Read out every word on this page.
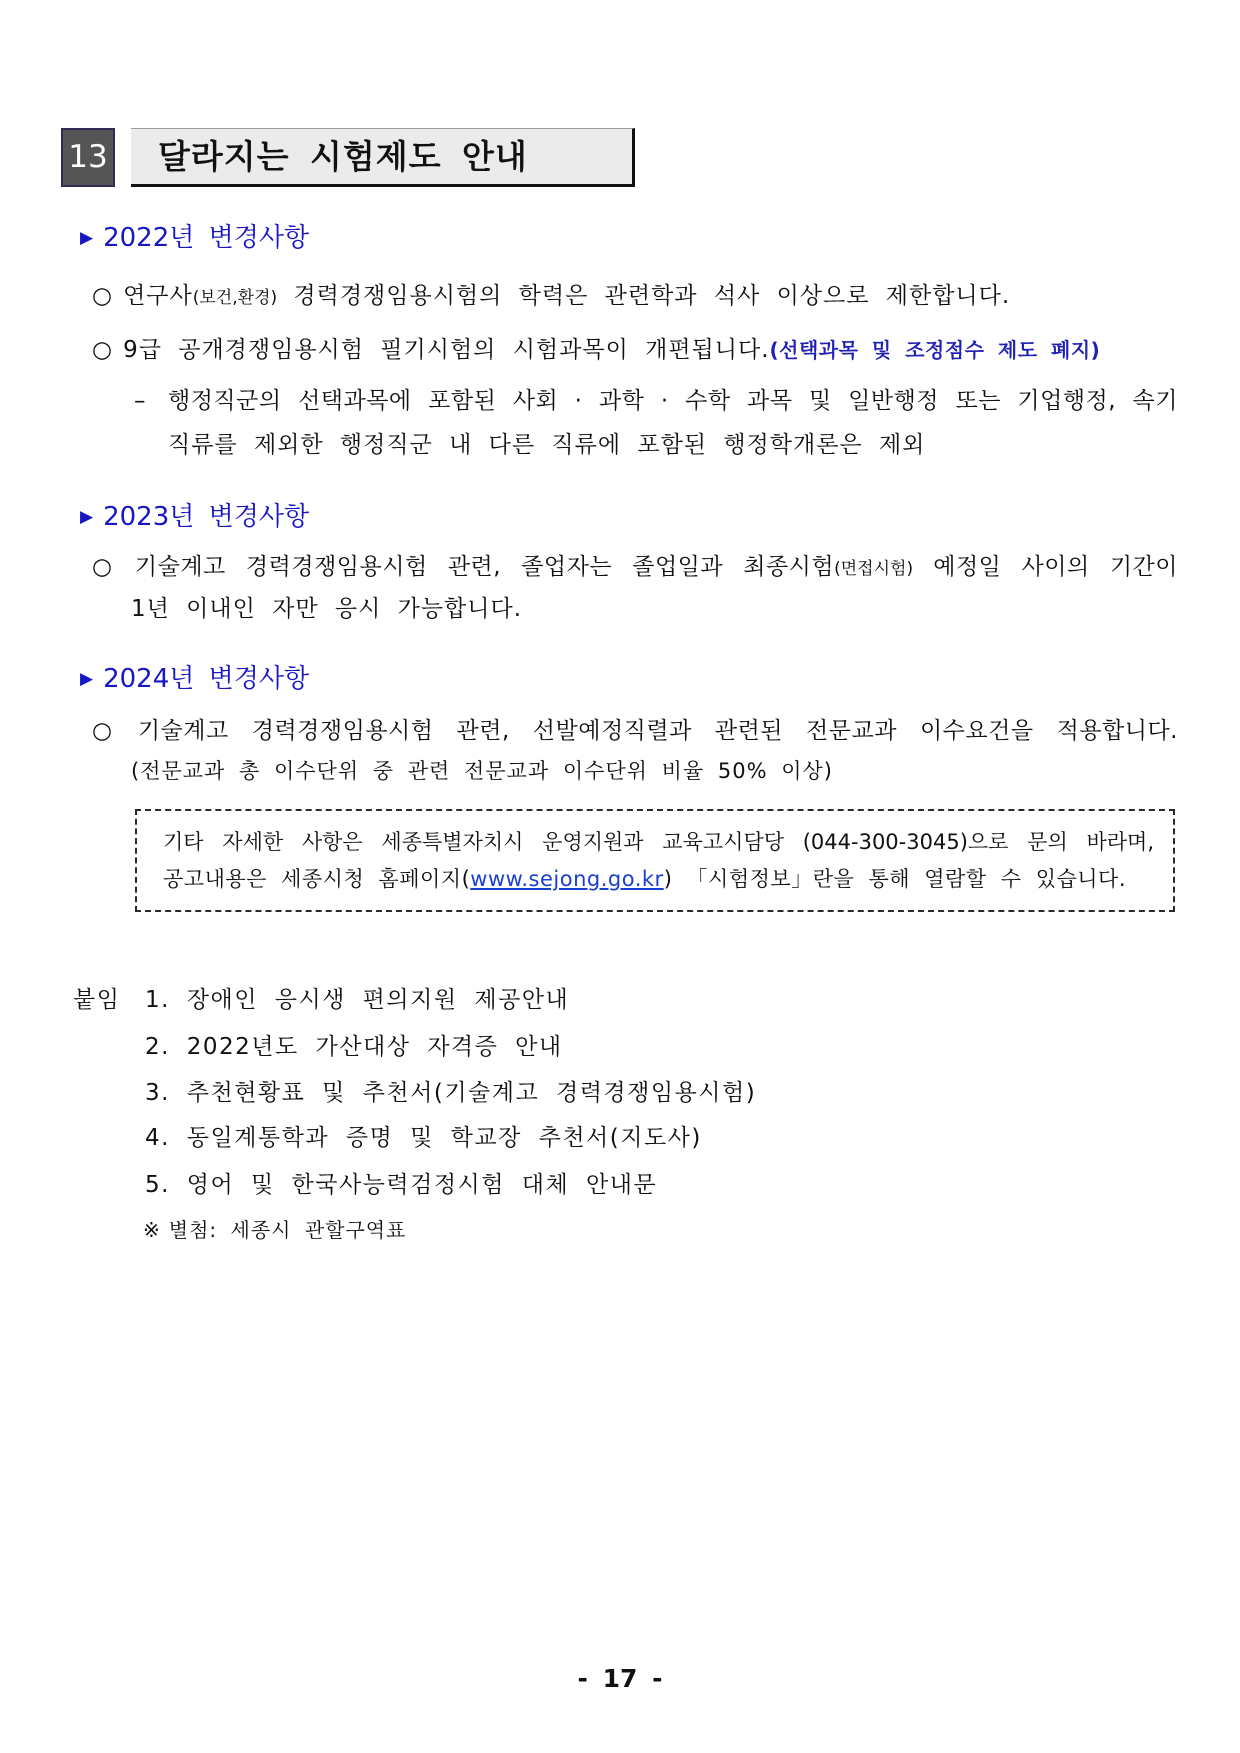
13	달라지는 시험제도 안내
▶ 2022년 변경사항
○ 연구사(보건,환경) 경력경쟁임용시험의 학력은 관련학과 석사 이상으로 제한합니다.
○ 9급 공개경쟁임용시험 필기시험의 시험과목이 개편됩니다.(선택과목 및 조정점수 제도 폐지)
– 행정직군의 선택과목에 포함된 사회 · 과학 · 수학 과목 및 일반행정 또는 기업행정, 속기
직류를 제외한 행정직군 내 다른 직류에 포함된 행정학개론은 제외
▶ 2023년 변경사항
○ 기술계고 경력경쟁임용시험 관련, 졸업자는 졸업일과 최종시험(면접시험) 예정일 사이의 기간이
1년 이내인 자만 응시 가능합니다.
▶ 2024년 변경사항
○ 기술계고 경력경쟁임용시험 관련, 선발예정직렬과 관련된 전문교과 이수요건을 적용합니다.
(전문교과 총 이수단위 중 관련 전문교과 이수단위 비율 50% 이상)
기타 자세한 사항은 세종특별자치시 운영지원과 교육고시담당 (044-300-3045)으로 문의 바라며,
공고내용은 세종시청 홈페이지(www.sejong.go.kr) 「시험정보」란을 통해 열람할 수 있습니다.
붙임 1. 장애인 응시생 편의지원 제공안내
2. 2022년도 가산대상 자격증 안내
3. 추천현황표 및 추천서(기술계고 경력경쟁임용시험)
4. 동일계통학과 증명 및 학교장 추천서(지도사)
5. 영어 및 한국사능력검정시험 대체 안내문
※ 별첨: 세종시 관할구역표
- 17 -
